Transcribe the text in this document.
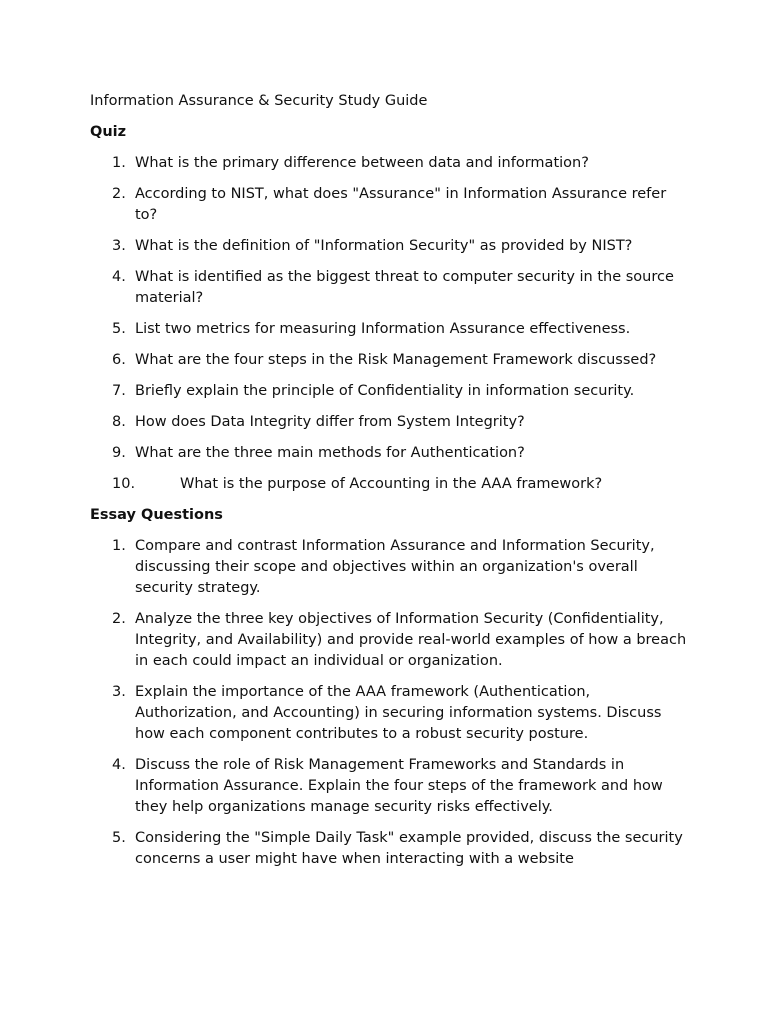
Information Assurance & Security Study Guide
Quiz
1. What is the primary difference between data and information?
2. According to NIST, what does "Assurance" in Information Assurance refer to?
3. What is the definition of "Information Security" as provided by NIST?
4. What is identified as the biggest threat to computer security in the source material?
5. List two metrics for measuring Information Assurance effectiveness.
6. What are the four steps in the Risk Management Framework discussed?
7. Briefly explain the principle of Confidentiality in information security.
8. How does Data Integrity differ from System Integrity?
9. What are the three main methods for Authentication?
10.	What is the purpose of Accounting in the AAA framework?
Essay Questions
1. Compare and contrast Information Assurance and Information Security, discussing their scope and objectives within an organization's overall security strategy.
2. Analyze the three key objectives of Information Security (Confidentiality, Integrity, and Availability) and provide real-world examples of how a breach in each could impact an individual or organization.
3. Explain the importance of the AAA framework (Authentication, Authorization, and Accounting) in securing information systems. Discuss how each component contributes to a robust security posture.
4. Discuss the role of Risk Management Frameworks and Standards in Information Assurance. Explain the four steps of the framework and how they help organizations manage security risks effectively.
5. Considering the "Simple Daily Task" example provided, discuss the security concerns a user might have when interacting with a website
